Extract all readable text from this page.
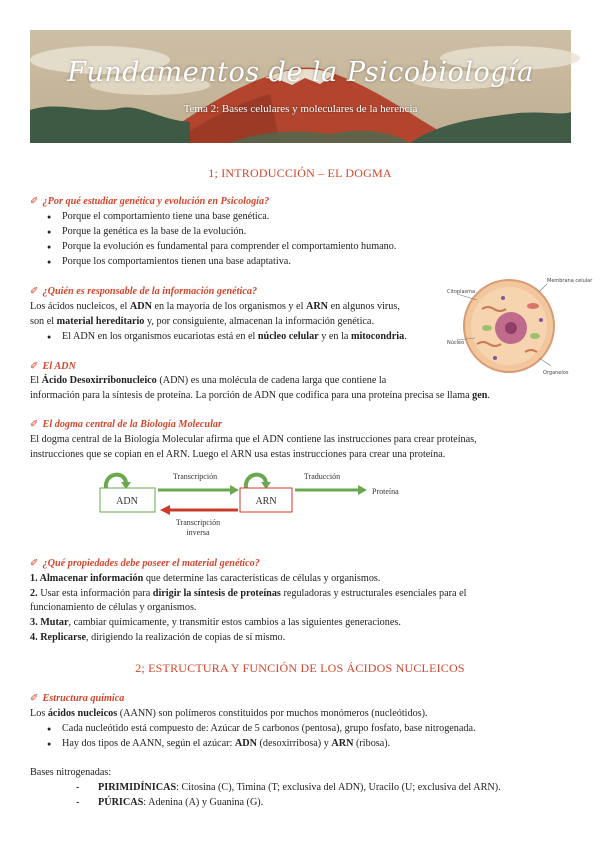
Fundamentos de la Psicobiología
Tema 2: Bases celulares y moleculares de la herencia
1; INTRODUCCIÓN – EL DOGMA
✐ ¿Por qué estudiar genética y evolución en Psicología?
● Porque el comportamiento tiene una base genética.
● Porque la genética es la base de la evolución.
● Porque la evolución es fundamental para comprender el comportamiento humano.
● Porque los comportamientos tienen una base adaptativa.
✐ ¿Quién es responsable de la información genética?
Los ácidos nucleicos, el ADN en la mayoría de los organismos y el ARN en algunos virus,
son el material hereditario y, por consiguiente, almacenan la información genética.
● El ADN en los organismos eucariotas está en el núcleo celular y en la mitocondria.
Citoplasma
Membrana celular
Núcleo
Organelos
✐ El ADN
El Ácido Desoxirribonucleico (ADN) es una molécula de cadena larga que contiene la
información para la síntesis de proteína. La porción de ADN que codifica para una proteína precisa se llama gen.
✐ El dogma central de la Biología Molecular
El dogma central de la Biología Molecular afirma que el ADN contiene las instrucciones para crear proteínas,
instrucciones que se copian en el ARN. Luego el ARN usa estas instrucciones para crear una proteína.
ADN	ARN
Transcripción	Traducción
Proteína
Transcripción
inversa
✐ ¿Qué propiedades debe poseer el material genético?
1. Almacenar información que determine las características de células y organismos.
2. Usar esta información para dirigir la síntesis de proteínas reguladoras y estructurales esenciales para el
funcionamiento de células y organismos.
3. Mutar, cambiar químicamente, y transmitir estos cambios a las siguientes generaciones.
4. Replicarse, dirigiendo la realización de copias de sí mismo.
2; ESTRUCTURA Y FUNCIÓN DE LOS ÁCIDOS NUCLEICOS
✐ Estructura química
Los ácidos nucleicos (AANN) son polímeros constituidos por muchos monómeros (nucleótidos).
● Cada nucleótido está compuesto de: Azúcar de 5 carbonos (pentosa), grupo fosfato, base nitrogenada.
● Hay dos tipos de AANN, según el azúcar: ADN (desoxirribosa) y ARN (ribosa).
Bases nitrogenadas:
- PIRIMIDÍNICAS: Citosina (C), Timina (T; exclusiva del ADN), Uracilo (U; exclusiva del ARN).
- PÚRICAS: Adenina (A) y Guanina (G).
